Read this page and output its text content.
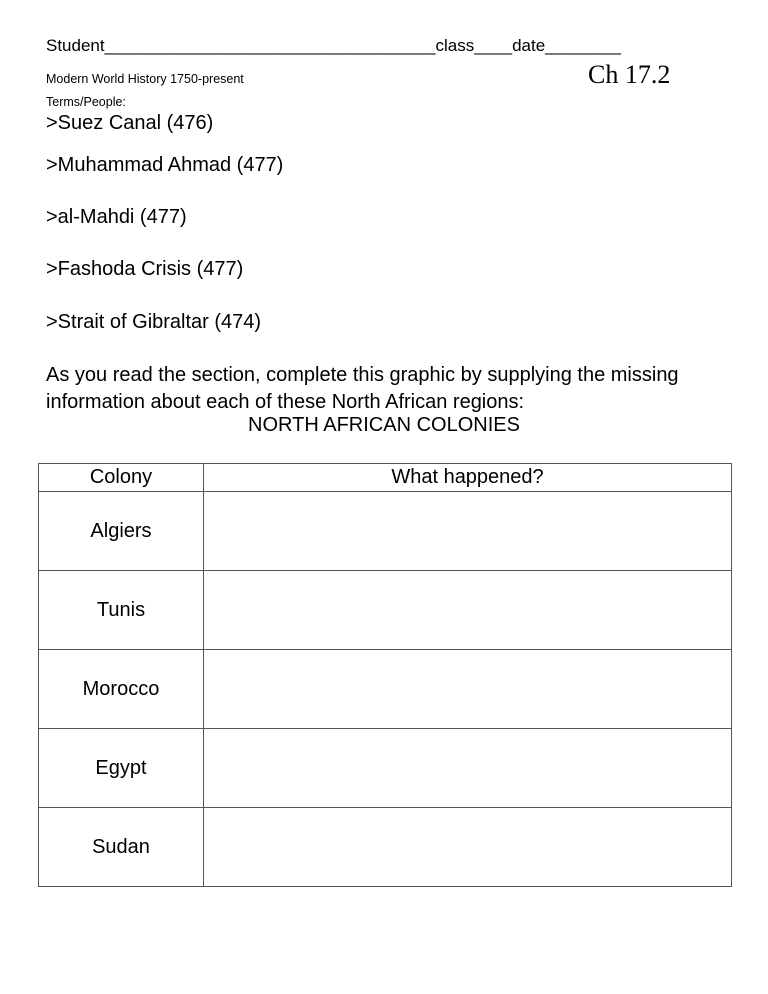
Student___________________________________class____date________
Modern World History 1750-present	Ch 17.2
Terms/People:
>Suez Canal (476)
>Muhammad Ahmad (477)
>al-Mahdi (477)
>Fashoda Crisis (477)
>Strait of Gibraltar (474)
As you read the section, complete this graphic by supplying the missing information about each of these North African regions:
NORTH AFRICAN COLONIES
Colony	What happened?
Algiers	
Tunis	
Morocco	
Egypt	
Sudan	
